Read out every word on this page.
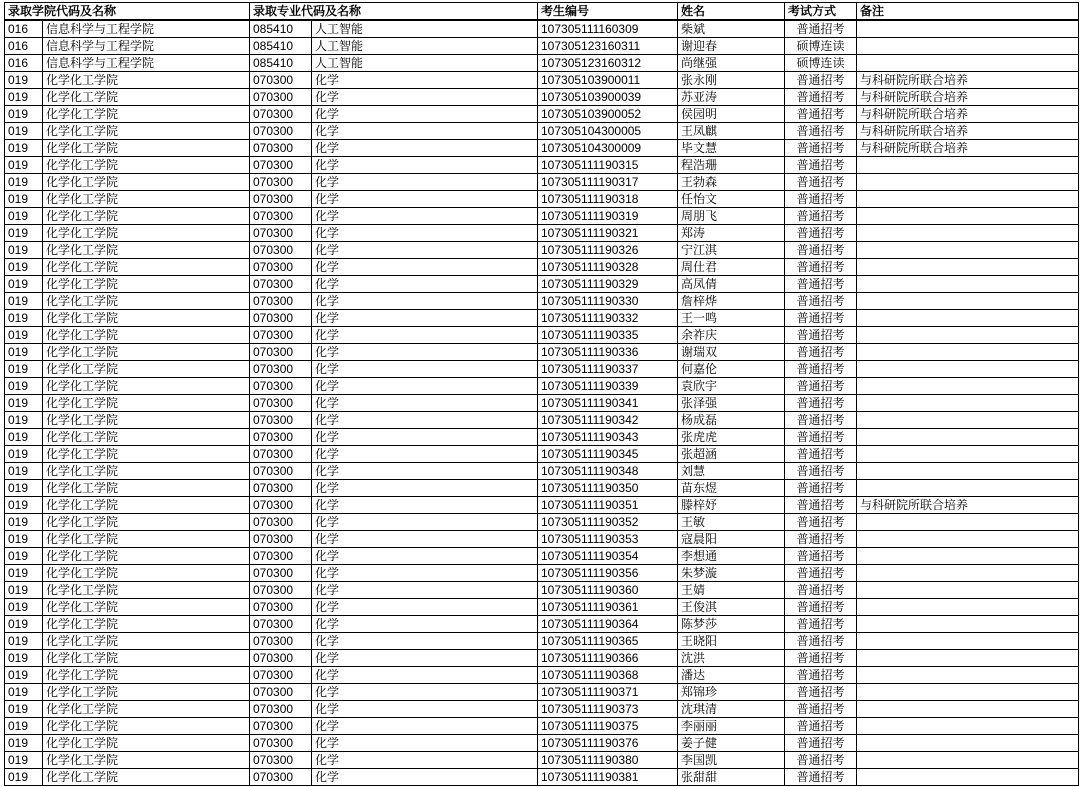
录取学院代码及名称		录取专业代码及名称		考生编号	姓名	考试方式	备注
016	信息科学与工程学院	085410	人工智能	107305111160309	柴斌	普通招考	
016	信息科学与工程学院	085410	人工智能	107305123160311	谢迎春	硕博连读	
016	信息科学与工程学院	085410	人工智能	107305123160312	尚继强	硕博连读	
019	化学化工学院	070300	化学	107305103900011	张永刚	普通招考	与科研院所联合培养
019	化学化工学院	070300	化学	107305103900039	苏亚涛	普通招考	与科研院所联合培养
019	化学化工学院	070300	化学	107305103900052	侯园明	普通招考	与科研院所联合培养
019	化学化工学院	070300	化学	107305104300005	王凤麒	普通招考	与科研院所联合培养
019	化学化工学院	070300	化学	107305104300009	毕文慧	普通招考	与科研院所联合培养
019	化学化工学院	070300	化学	107305111190315	程浩珊	普通招考	
019	化学化工学院	070300	化学	107305111190317	王勃森	普通招考	
019	化学化工学院	070300	化学	107305111190318	任怡文	普通招考	
019	化学化工学院	070300	化学	107305111190319	周朋飞	普通招考	
019	化学化工学院	070300	化学	107305111190321	郑涛	普通招考	
019	化学化工学院	070300	化学	107305111190326	宁江淇	普通招考	
019	化学化工学院	070300	化学	107305111190328	周仕君	普通招考	
019	化学化工学院	070300	化学	107305111190329	高凤倩	普通招考	
019	化学化工学院	070300	化学	107305111190330	詹梓烨	普通招考	
019	化学化工学院	070300	化学	107305111190332	王一鸣	普通招考	
019	化学化工学院	070300	化学	107305111190335	余祚庆	普通招考	
019	化学化工学院	070300	化学	107305111190336	谢瑞双	普通招考	
019	化学化工学院	070300	化学	107305111190337	何嘉伦	普通招考	
019	化学化工学院	070300	化学	107305111190339	袁欣宇	普通招考	
019	化学化工学院	070300	化学	107305111190341	张泽强	普通招考	
019	化学化工学院	070300	化学	107305111190342	杨成磊	普通招考	
019	化学化工学院	070300	化学	107305111190343	张虎虎	普通招考	
019	化学化工学院	070300	化学	107305111190345	张超涵	普通招考	
019	化学化工学院	070300	化学	107305111190348	刘慧	普通招考	
019	化学化工学院	070300	化学	107305111190350	苗东煜	普通招考	
019	化学化工学院	070300	化学	107305111190351	滕梓妤	普通招考	与科研院所联合培养
019	化学化工学院	070300	化学	107305111190352	王敏	普通招考	
019	化学化工学院	070300	化学	107305111190353	寇晨阳	普通招考	
019	化学化工学院	070300	化学	107305111190354	李想通	普通招考	
019	化学化工学院	070300	化学	107305111190356	朱梦漩	普通招考	
019	化学化工学院	070300	化学	107305111190360	王婧	普通招考	
019	化学化工学院	070300	化学	107305111190361	王俊淇	普通招考	
019	化学化工学院	070300	化学	107305111190364	陈梦莎	普通招考	
019	化学化工学院	070300	化学	107305111190365	王晓阳	普通招考	
019	化学化工学院	070300	化学	107305111190366	沈洪	普通招考	
019	化学化工学院	070300	化学	107305111190368	潘达	普通招考	
019	化学化工学院	070300	化学	107305111190371	郑锦珍	普通招考	
019	化学化工学院	070300	化学	107305111190373	沈琪清	普通招考	
019	化学化工学院	070300	化学	107305111190375	李丽丽	普通招考	
019	化学化工学院	070300	化学	107305111190376	姜子健	普通招考	
019	化学化工学院	070300	化学	107305111190380	李国凯	普通招考	
019	化学化工学院	070300	化学	107305111190381	张甜甜	普通招考	
